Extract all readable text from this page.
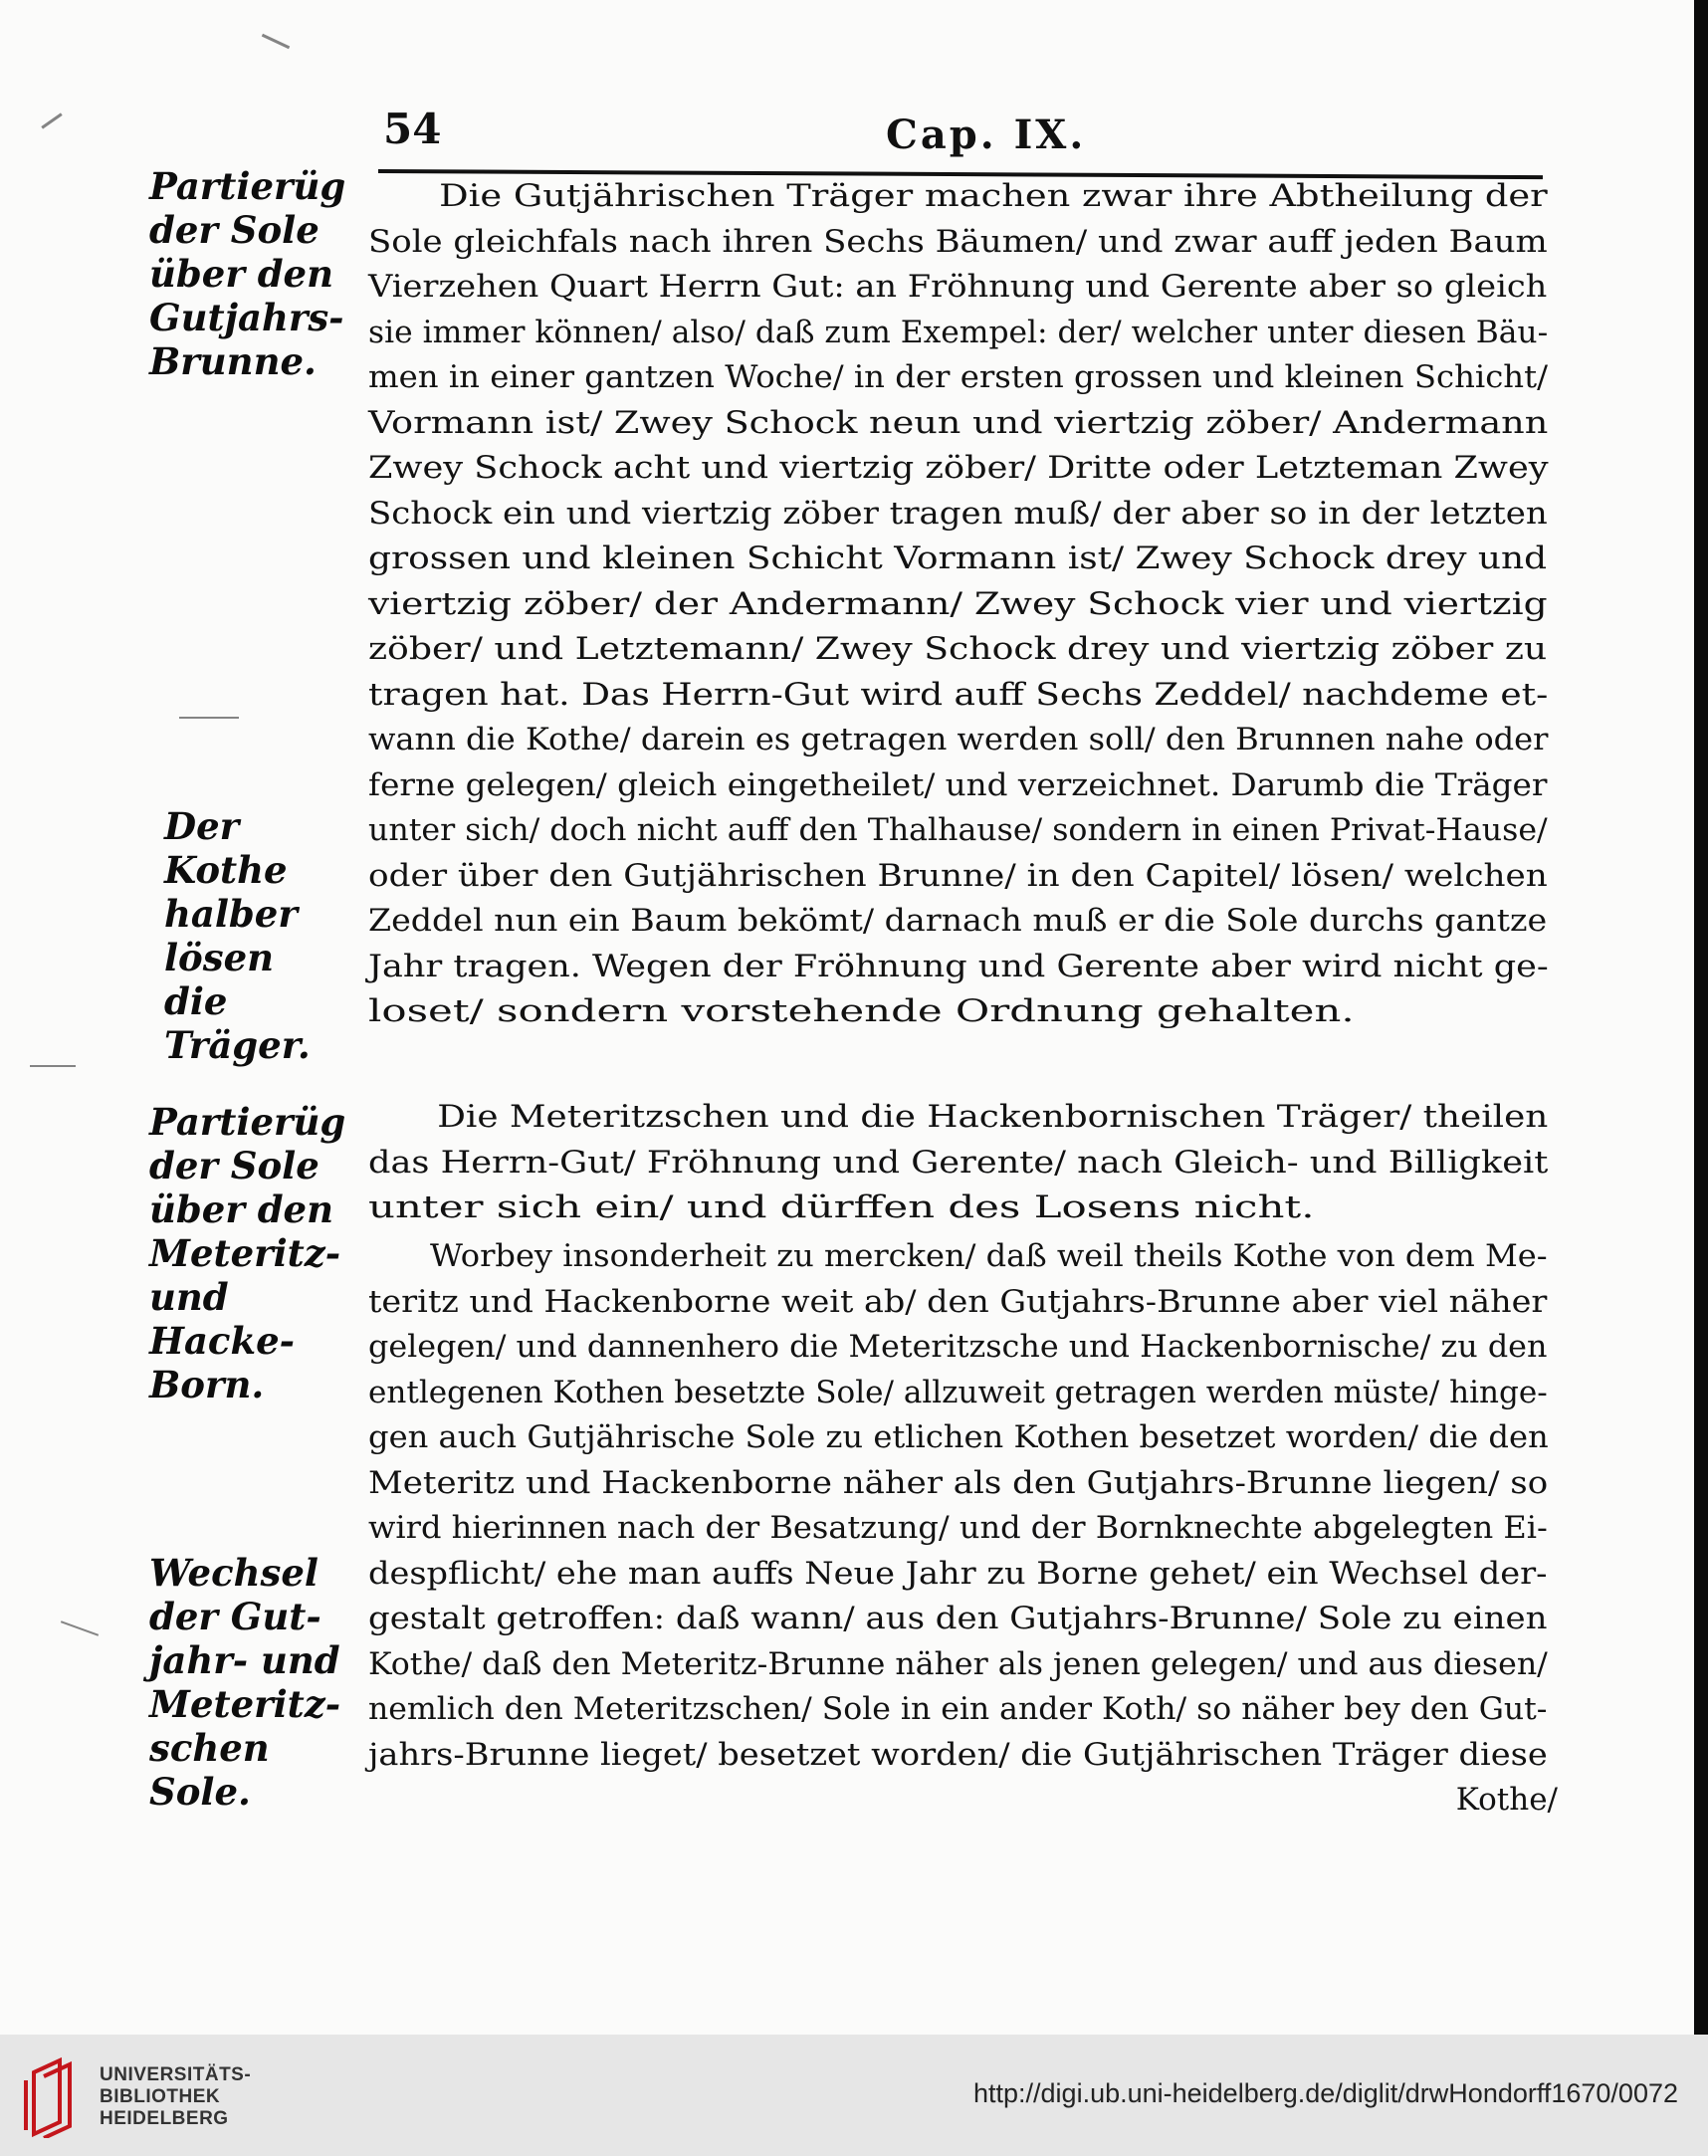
54	Cap. IX.
Partierüg
der Sole
über den
Gutjahrs-
Brunne.
Der Kothe
halber lösen
die Träger.
Partierüg
der Sole
über den
Meteritz-
und Hacke-
Born.
Wechsel
der Gut-
jahr- und
Meteritz-
schen Sole.
Die Gutjährischen Träger machen zwar ihre Abtheilung der
Sole gleichfals nach ihren Sechs Bäumen/ und zwar auff jeden Baum
Vierzehen Quart Herrn Gut: an Fröhnung und Gerente aber so gleich
sie immer können/ also/ daß zum Exempel: der/ welcher unter diesen Bäu-
men in einer gantzen Woche/ in der ersten grossen und kleinen Schicht/
Vormann ist/ Zwey Schock neun und viertzig zöber/ Andermann
Zwey Schock acht und viertzig zöber/ Dritte oder Letzteman Zwey
Schock ein und viertzig zöber tragen muß/ der aber so in der letzten
grossen und kleinen Schicht Vormann ist/ Zwey Schock drey und
viertzig zöber/ der Andermann/ Zwey Schock vier und viertzig
zöber/ und Letztemann/ Zwey Schock drey und viertzig zöber zu
tragen hat. Das Herrn-Gut wird auff Sechs Zeddel/ nachdeme et-
wann die Kothe/ darein es getragen werden soll/ den Brunnen nahe oder
ferne gelegen/ gleich eingetheilet/ und verzeichnet. Darumb die Träger
unter sich/ doch nicht auff den Thalhause/ sondern in einen Privat-Hause/
oder über den Gutjährischen Brunne/ in den Capitel/ lösen/ welchen
Zeddel nun ein Baum bekömt/ darnach muß er die Sole durchs gantze
Jahr tragen. Wegen der Fröhnung und Gerente aber wird nicht ge-
loset/ sondern vorstehende Ordnung gehalten.
Die Meteritzschen und die Hackenbornischen Träger/ theilen
das Herrn-Gut/ Fröhnung und Gerente/ nach Gleich- und Billigkeit
unter sich ein/ und dürffen des Losens nicht.
Worbey insonderheit zu mercken/ daß weil theils Kothe von dem Me-
teritz und Hackenborne weit ab/ den Gutjahrs-Brunne aber viel näher
gelegen/ und dannenhero die Meteritzsche und Hackenbornische/ zu den
entlegenen Kothen besetzte Sole/ allzuweit getragen werden müste/ hinge-
gen auch Gutjährische Sole zu etlichen Kothen besetzet worden/ die den
Meteritz und Hackenborne näher als den Gutjahrs-Brunne liegen/ so
wird hierinnen nach der Besatzung/ und der Bornknechte abgelegten Ei-
despflicht/ ehe man auffs Neue Jahr zu Borne gehet/ ein Wechsel der-
gestalt getroffen: daß wann/ aus den Gutjahrs-Brunne/ Sole zu einen
Kothe/ daß den Meteritz-Brunne näher als jenen gelegen/ und aus diesen/
nemlich den Meteritzschen/ Sole in ein ander Koth/ so näher bey den Gut-
jahrs-Brunne lieget/ besetzet worden/ die Gutjährischen Träger diese
Kothe/
UNIVERSITÄTS-
BIBLIOTHEK
HEIDELBERG
http://digi.ub.uni-heidelberg.de/diglit/drwHondorff1670/0072
